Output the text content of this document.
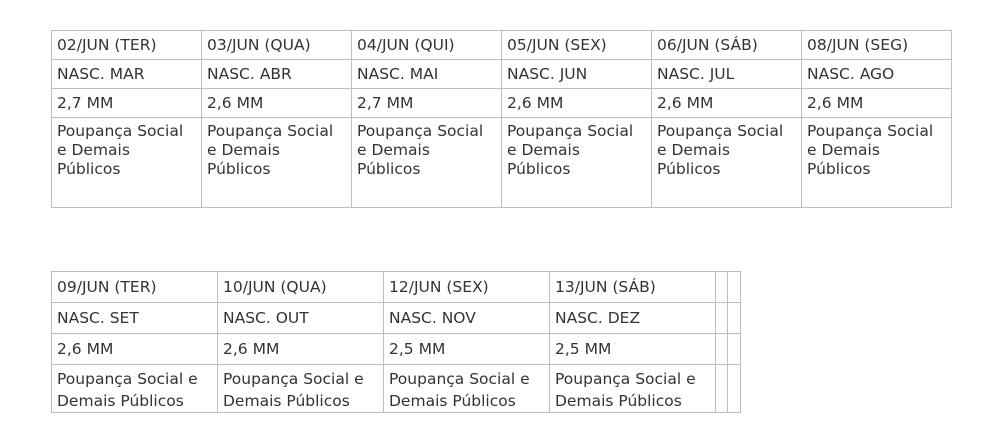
02/JUN (TER)	03/JUN (QUA)	04/JUN (QUI)	05/JUN (SEX)	06/JUN (SÁB)	08/JUN (SEG)
NASC. MAR	NASC. ABR	NASC. MAI	NASC. JUN	NASC. JUL	NASC. AGO
2,7 MM	2,6 MM	2,7 MM	2,6 MM	2,6 MM	2,6 MM
Poupança Social e Demais Públicos	Poupança Social e Demais Públicos	Poupança Social e Demais Públicos	Poupança Social e Demais Públicos	Poupança Social e Demais Públicos	Poupança Social e Demais Públicos
09/JUN (TER)	10/JUN (QUA)	12/JUN (SEX)	13/JUN (SÁB)		
NASC. SET	NASC. OUT	NASC. NOV	NASC. DEZ		
2,6 MM	2,6 MM	2,5 MM	2,5 MM		
Poupança Social e Demais Públicos	Poupança Social e Demais Públicos	Poupança Social e Demais Públicos	Poupança Social e Demais Públicos		
